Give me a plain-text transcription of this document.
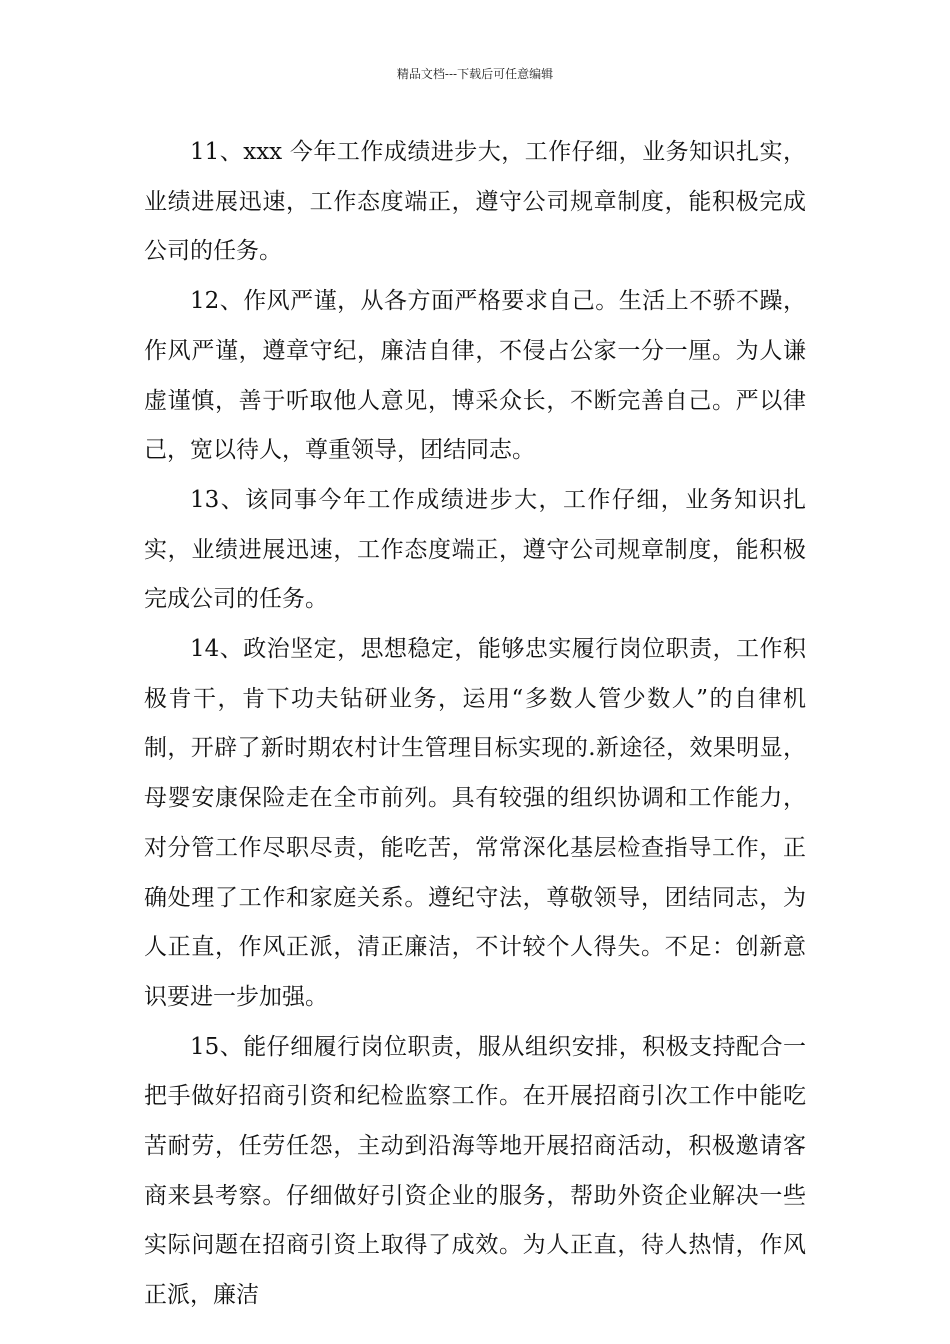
精品文档---下载后可任意编辑

11、xxx 今年工作成绩进步大，工作仔细，业务知识扎实，业绩进展迅速，工作态度端正，遵守公司规章制度，能积极完成公司的任务。

12、作风严谨，从各方面严格要求自己。生活上不骄不躁，作风严谨，遵章守纪，廉洁自律，不侵占公家一分一厘。为人谦虚谨慎，善于听取他人意见，博采众长，不断完善自己。严以律己，宽以待人，尊重领导，团结同志。

13、该同事今年工作成绩进步大，工作仔细，业务知识扎实，业绩进展迅速，工作态度端正，遵守公司规章制度，能积极完成公司的任务。

14、政治坚定，思想稳定，能够忠实履行岗位职责，工作积极肯干，肯下功夫钻研业务，运用“多数人管少数人”的自律机制，开辟了新时期农村计生管理目标实现的.新途径，效果明显，母婴安康保险走在全市前列。具有较强的组织协调和工作能力，对分管工作尽职尽责，能吃苦，常常深化基层检查指导工作，正确处理了工作和家庭关系。遵纪守法，尊敬领导，团结同志，为人正直，作风正派，清正廉洁，不计较个人得失。不足：创新意识要进一步加强。

15、能仔细履行岗位职责，服从组织安排，积极支持配合一把手做好招商引资和纪检监察工作。在开展招商引次工作中能吃苦耐劳，任劳任怨，主动到沿海等地开展招商活动，积极邀请客商来县考察。仔细做好引资企业的服务，帮助外资企业解决一些实际问题在招商引资上取得了成效。为人正直，待人热情，作风正派，廉洁
